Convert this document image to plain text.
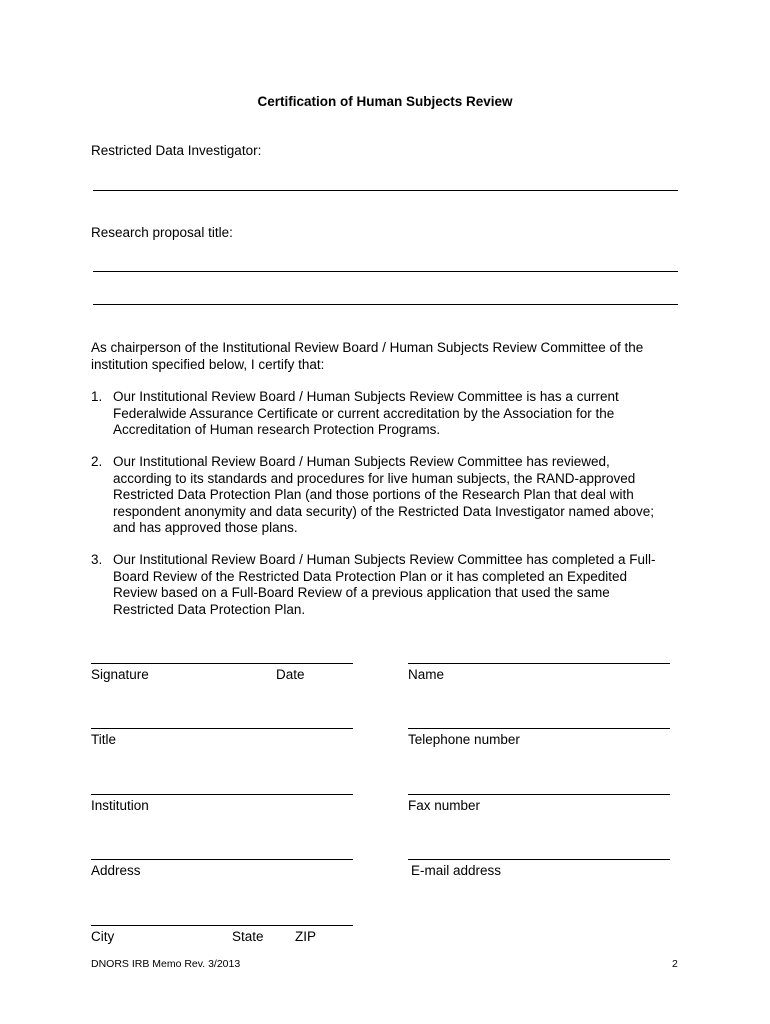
Certification of Human Subjects Review
Restricted Data Investigator:
Research proposal title:
As chairperson of the Institutional Review Board / Human Subjects Review Committee of the
institution specified below, I certify that:
1. Our Institutional Review Board / Human Subjects Review Committee is has a current
Federalwide Assurance Certificate or current accreditation by the Association for the
Accreditation of Human research Protection Programs.
2. Our Institutional Review Board / Human Subjects Review Committee has reviewed,
according to its standards and procedures for live human subjects, the RAND-approved
Restricted Data Protection Plan (and those portions of the Research Plan that deal with
respondent anonymity and data security) of the Restricted Data Investigator named above;
and has approved those plans.
3. Our Institutional Review Board / Human Subjects Review Committee has completed a Full-
Board Review of the Restricted Data Protection Plan or it has completed an Expedited
Review based on a Full-Board Review of a previous application that used the same
Restricted Data Protection Plan.
Signature	Date	Name
Title	Telephone number
Institution	Fax number
Address	E-mail address
City	State ZIP
DNORS IRB Memo Rev. 3/2013	2
